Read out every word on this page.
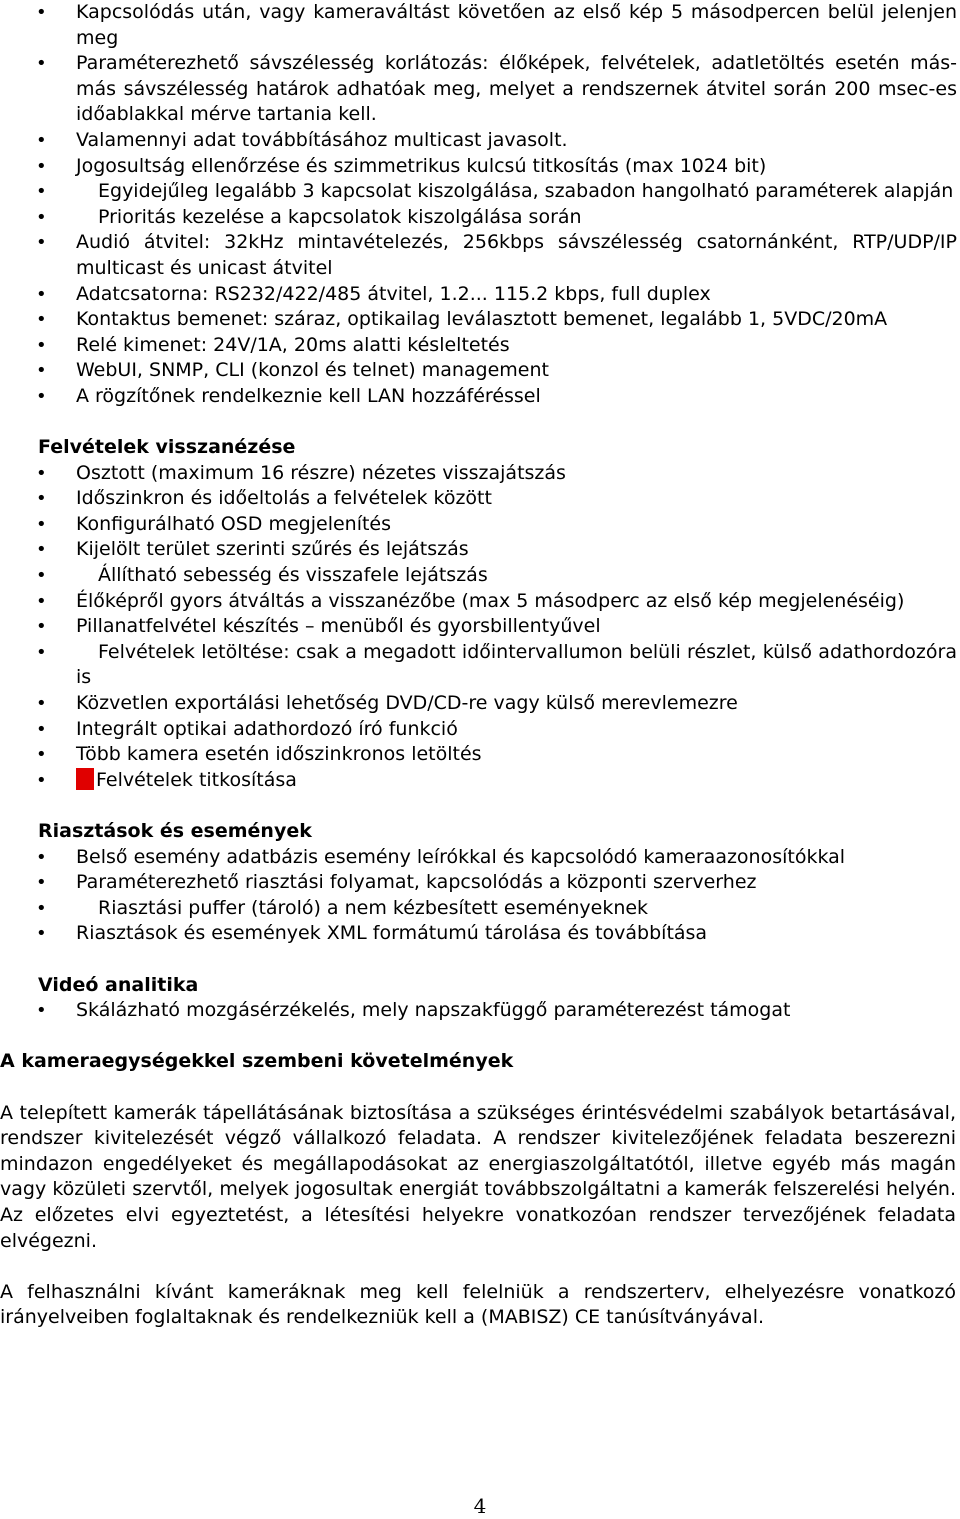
• Kapcsolódás után, vagy kameraváltást követően az első kép 5 másodpercen belül jelenjen meg
• Paraméterezhető sávszélesség korlátozás: élőképek, felvételek, adatletöltés esetén más-más sávszélesség határok adhatóak meg, melyet a rendszernek átvitel során 200 msec-es időablakkal mérve tartania kell.
• Valamennyi adat továbbításához multicast javasolt.
• Jogosultság ellenőrzése és szimmetrikus kulcsú titkosítás (max 1024 bit)
• Egyidejűleg legalább 3 kapcsolat kiszolgálása, szabadon hangolható paraméterek alapján
• Prioritás kezelése a kapcsolatok kiszolgálása során
• Audió átvitel: 32kHz mintavételezés, 256kbps sávszélesség csatornánként, RTP/UDP/IP multicast és unicast átvitel
• Adatcsatorna: RS232/422/485 átvitel, 1.2... 115.2 kbps, full duplex
• Kontaktus bemenet: száraz, optikailag leválasztott bemenet, legalább 1, 5VDC/20mA
• Relé kimenet: 24V/1A, 20ms alatti késleltetés
• WebUI, SNMP, CLI (konzol és telnet) management
• A rögzítőnek rendelkeznie kell LAN hozzáféréssel

Felvételek visszanézése

• Osztott (maximum 16 részre) nézetes visszajátszás
• Időszinkron és időeltolás a felvételek között
• Konfigurálható OSD megjelenítés
• Kijelölt terület szerinti szűrés és lejátszás
• Állítható sebesség és visszafele lejátszás
• Élőképről gyors átváltás a visszanézőbe (max 5 másodperc az első kép megjelenéséig)
• Pillanatfelvétel készítés – menüből és gyorsbillentyűvel
• Felvételek letöltése: csak a megadott időintervallumon belüli részlet, külső adathordozóra is
• Közvetlen exportálási lehetőség DVD/CD-re vagy külső merevlemezre
• Integrált optikai adathordozó író funkció
• Több kamera esetén időszinkronos letöltés
• Felvételek titkosítása

Riasztások és események

• Belső esemény adatbázis esemény leírókkal és kapcsolódó kameraazonosítókkal
• Paraméterezhető riasztási folyamat, kapcsolódás a központi szerverhez
• Riasztási puffer (tároló) a nem kézbesített eseményeknek
• Riasztások és események XML formátumú tárolása és továbbítása

Videó analitika

• Skálázható mozgásérzékelés, mely napszakfüggő paraméterezést támogat

A kameraegységekkel szembeni követelmények

A telepített kamerák tápellátásának biztosítása a szükséges érintésvédelmi szabályok betartásával, rendszer kivitelezését végző vállalkozó feladata. A rendszer kivitelezőjének feladata beszerezni mindazon engedélyeket és megállapodásokat az energiaszolgáltatótól, illetve egyéb más magán vagy közületi szervtől, melyek jogosultak energiát továbbszolgáltatni a kamerák felszerelési helyén. Az előzetes elvi egyeztetést, a létesítési helyekre vonatkozóan rendszer tervezőjének feladata elvégezni.

A felhasználni kívánt kameráknak meg kell felelniük a rendszerterv, elhelyezésre vonatkozó irányelveiben foglaltaknak és rendelkezniük kell a (MABISZ) CE tanúsítványával.

4
